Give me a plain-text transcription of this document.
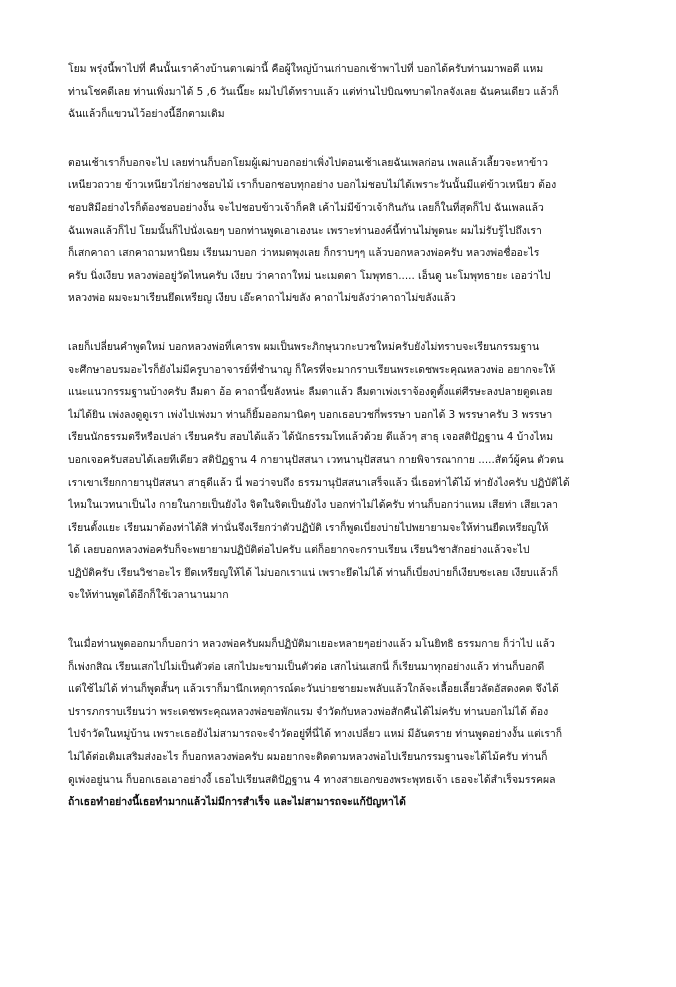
โยม พรุ่งนี้พาไปที่ คืนนั้นเราค้างบ้านตาเฒ่านี้ คือผู้ใหญ่บ้านเก่าบอกเช้าพาไปที่ บอกได้ครับท่านมาพอดี แหม
ท่านโชคดีเลย ท่านเพิ่งมาได้ 5 ,6 วันเนี๊ยะ ผมไปได้ทราบแล้ว แต่ท่านไปบิณฑบาตไกลจังเลย ฉันคนเดียว แล้วก็
ฉันแล้วก็แขวนไว้อย่างนี้อีกตามเดิม
ตอนเช้าเราก็บอกจะไป เลยท่านก็บอกโยมผู้เฒ่าบอกอย่าเพิ่งไปตอนเช้าเลยฉันเพลก่อน เพลแล้วเลี้ยวจะหาข้าว
เหนียวถวาย ข้าวเหนียวไก่ย่างชอบไม้ เราก็บอกชอบทุกอย่าง บอกไม่ชอบไม่ได้เพราะวันนั้นมีแต่ข้าวเหนียว ต้อง
ชอบสิมีอย่างไรก็ต้องชอบอย่างงั้น จะไปชอบข้าวเจ้าก็คสิ เค้าไม่มีข้าวเจ้ากินกัน เลยก็ในที่สุดก็ไป ฉันเพลแล้ว
ฉันเพลแล้วก็ไป โยมนั้นก็ไปนั่งเฉยๆ บอกท่านพูดเอาเองนะ เพราะท่านองค์นี้ท่านไม่พูดนะ ผมไม่รับรู้ไปถึงเรา
ก็เสกคาถา เสกคาถามหานิยม เรียนมาบอก ว่าหมดพุงเลย ก็กราบๆๆ แล้วบอกหลวงพ่อครับ หลวงพ่อชื่ออะไร
ครับ นิ่งเงียบ หลวงพ่ออยู่วัดไหนครับ เงียบ ว่าคาถาใหม่ นะเมตตา โมพุทธา..... เอ็นดู นะโมพุทธายะ เออว่าไป
หลวงพ่อ ผมจะมาเรียนยึดเหรียญ เงียบ เอ๊ะคาถาไม่ขลัง คาถาไม่ขลังว่าคาถาไม่ขลังแล้ว
เลยก็เปลี่ยนคำพูดใหม่ บอกหลวงพ่อที่เคารพ ผมเป็นพระภิกษุนวกะบวชใหม่ครับยังไม่ทราบจะเรียนกรรมฐาน
จะศึกษาอบรมอะไรก็ยังไม่มีครูบาอาจารย์ที่ชำนาญ ก็ใครที่จะมากราบเรียนพระเดชพระคุณหลวงพ่อ อยากจะให้
แนะแนวกรรมฐานบ้างครับ ลืมตา อ้อ คาถานี้ขลังหน่ะ ลืมตาแล้ว ลืมตาเพ่งเราจ้องดูตั้งแต่ศีรษะลงปลายตูดเลย
ไม่ได้ยิน เพ่งลงดูดูเรา เพ่งไปเพ่งมา ท่านก็ยิ้มออกมานิดๆ บอกเธอบวชกี่พรรษา บอกได้ 3 พรรษาครับ 3 พรรษา
เรียนนักธรรมตรีหรือเปล่า เรียนครับ สอบได้แล้ว ได้นักธรรมโทแล้วด้วย ดีแล้วๆ สาธุ เจอสติปัฏฐาน 4 บ้างไหม
บอกเจอครับสอบได้เลยทีเดียว สติปัฏฐาน 4 กายานุปัสสนา เวทนานุปัสสนา กายพิจารณากาย .....สัตว์ผู้คน ตัวตน
เราเขาเรียกกายานุปัสสนา สาธุดีแล้ว นี่ พอว่าจบถึง ธรรมานุปัสสนาเสร็จแล้ว นี่เธอท่าได้ไม้ ท่ายังไงครับ ปฏิบัติได้
ไหมในเวทนาเป็นไง กายในกายเป็นยังไง จิตในจิตเป็นยังไง บอกท่าไม่ได้ครับ ท่านก็บอกว่าแหม เสียท่า เสียเวลา
เรียนตั้งแยะ เรียนมาต้องท่าได้สิ ท่านั่นจึงเรียกว่าตัวปฏิบัติ เราก็พูดเบี่ยงบ่ายไปพยายามจะให้ท่านยืดเหรียญให้
ได้ เลยบอกหลวงพ่อครับก็จะพยายามปฏิบัติต่อไปครับ แต่ก็อยากจะกราบเรียน เรียนวิชาสักอย่างแล้วจะไป
ปฏิบัติครับ เรียนวิชาอะไร ยึดเหรียญให้ได้ ไม่บอกเราแน่ เพราะยึดไม่ได้ ท่านก็เบี่ยงบ่ายก็เงียบซะเลย เงียบแล้วก็
จะให้ท่านพูดได้อีกก็ใช้เวลานานมาก
ในเมื่อท่านพูดออกมาก็บอกว่า หลวงพ่อครับผมก็ปฏิบัติมาเยอะหลายๆอย่างแล้ว มโนยิทธิ ธรรมกาย ก็ว่าไป แล้ว
ก็เพ่งกสิณ เรียนเสกไปไม่เป็นตัวต่อ เสกไปมะขามเป็นตัวต่อ เสกไน่นเสกนี่ ก็เรียนมาทุกอย่างแล้ว ท่านก็บอกดี
แต่ใช้ไม่ได้ ท่านก็พูดสั้นๆ แล้วเราก็มานึกเหตุการณ์ตะวันบ่ายชายมะพลับแล้วใกล้จะเลื้อยเลี้ยวลัดอัสดงคต จึงได้
ปรารภกราบเรียนว่า พระเดชพระคุณหลวงพ่อขอพักแรม จำวัดกับหลวงพ่อสักคืนได้ไม่ครับ ท่านบอกไม่ได้ ต้อง
ไปจำวัดในหมู่บ้าน เพราะเธอยังไม่สามารถจะจำวัดอยู่ที่นี่ได้ ทางเปลี่ยว แหม่ มีอันตราย ท่านพูดอย่างงั้น แต่เราก็
ไม่ได้ต่อเติมเสริมส่งอะไร ก็บอกหลวงพ่อครับ ผมอยากจะติดตามหลวงพ่อไปเรียนกรรมฐานจะได้ไม้ครับ ท่านก็
ดูเพ่งอยู่นาน ก็บอกเธอเอาอย่างงี้ เธอไปเรียนสติปัฏฐาน 4 ทางสายเอกของพระพุทธเจ้า เธอจะได้สำเร็จมรรคผล
ถ้าเธอทำอย่างนี้เธอทำมากแล้วไม่มีการสำเร็จ และไม่สามารถจะแก้ปัญหาได้
